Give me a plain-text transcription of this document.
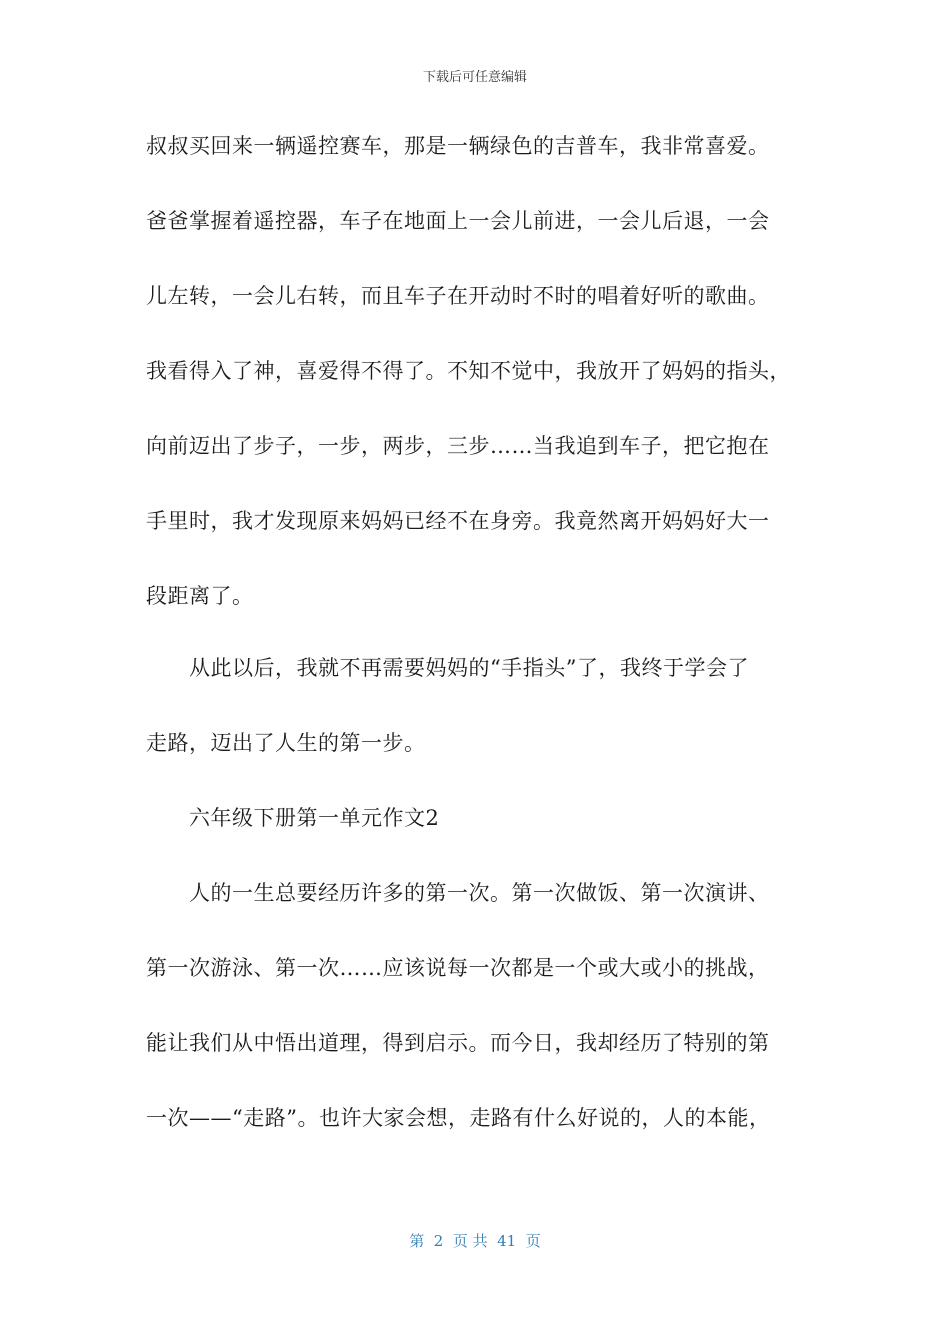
下载后可任意编辑
叔叔买回来一辆遥控赛车，那是一辆绿色的吉普车，我非常喜爱。
爸爸掌握着遥控器，车子在地面上一会儿前进，一会儿后退，一会
儿左转，一会儿右转，而且车子在开动时不时的唱着好听的歌曲。
我看得入了神，喜爱得不得了。不知不觉中，我放开了妈妈的指头，
向前迈出了步子，一步，两步，三步……当我追到车子，把它抱在
手里时，我才发现原来妈妈已经不在身旁。我竟然离开妈妈好大一
段距离了。
从此以后，我就不再需要妈妈的“手指头”了，我终于学会了
走路，迈出了人生的第一步。
六年级下册第一单元作文2
人的一生总要经历许多的第一次。第一次做饭、第一次演讲、
第一次游泳、第一次……应该说每一次都是一个或大或小的挑战，
能让我们从中悟出道理，得到启示。而今日，我却经历了特别的第
一次——“走路”。也许大家会想，走路有什么好说的，人的本能，
第  2  页 共  41  页
